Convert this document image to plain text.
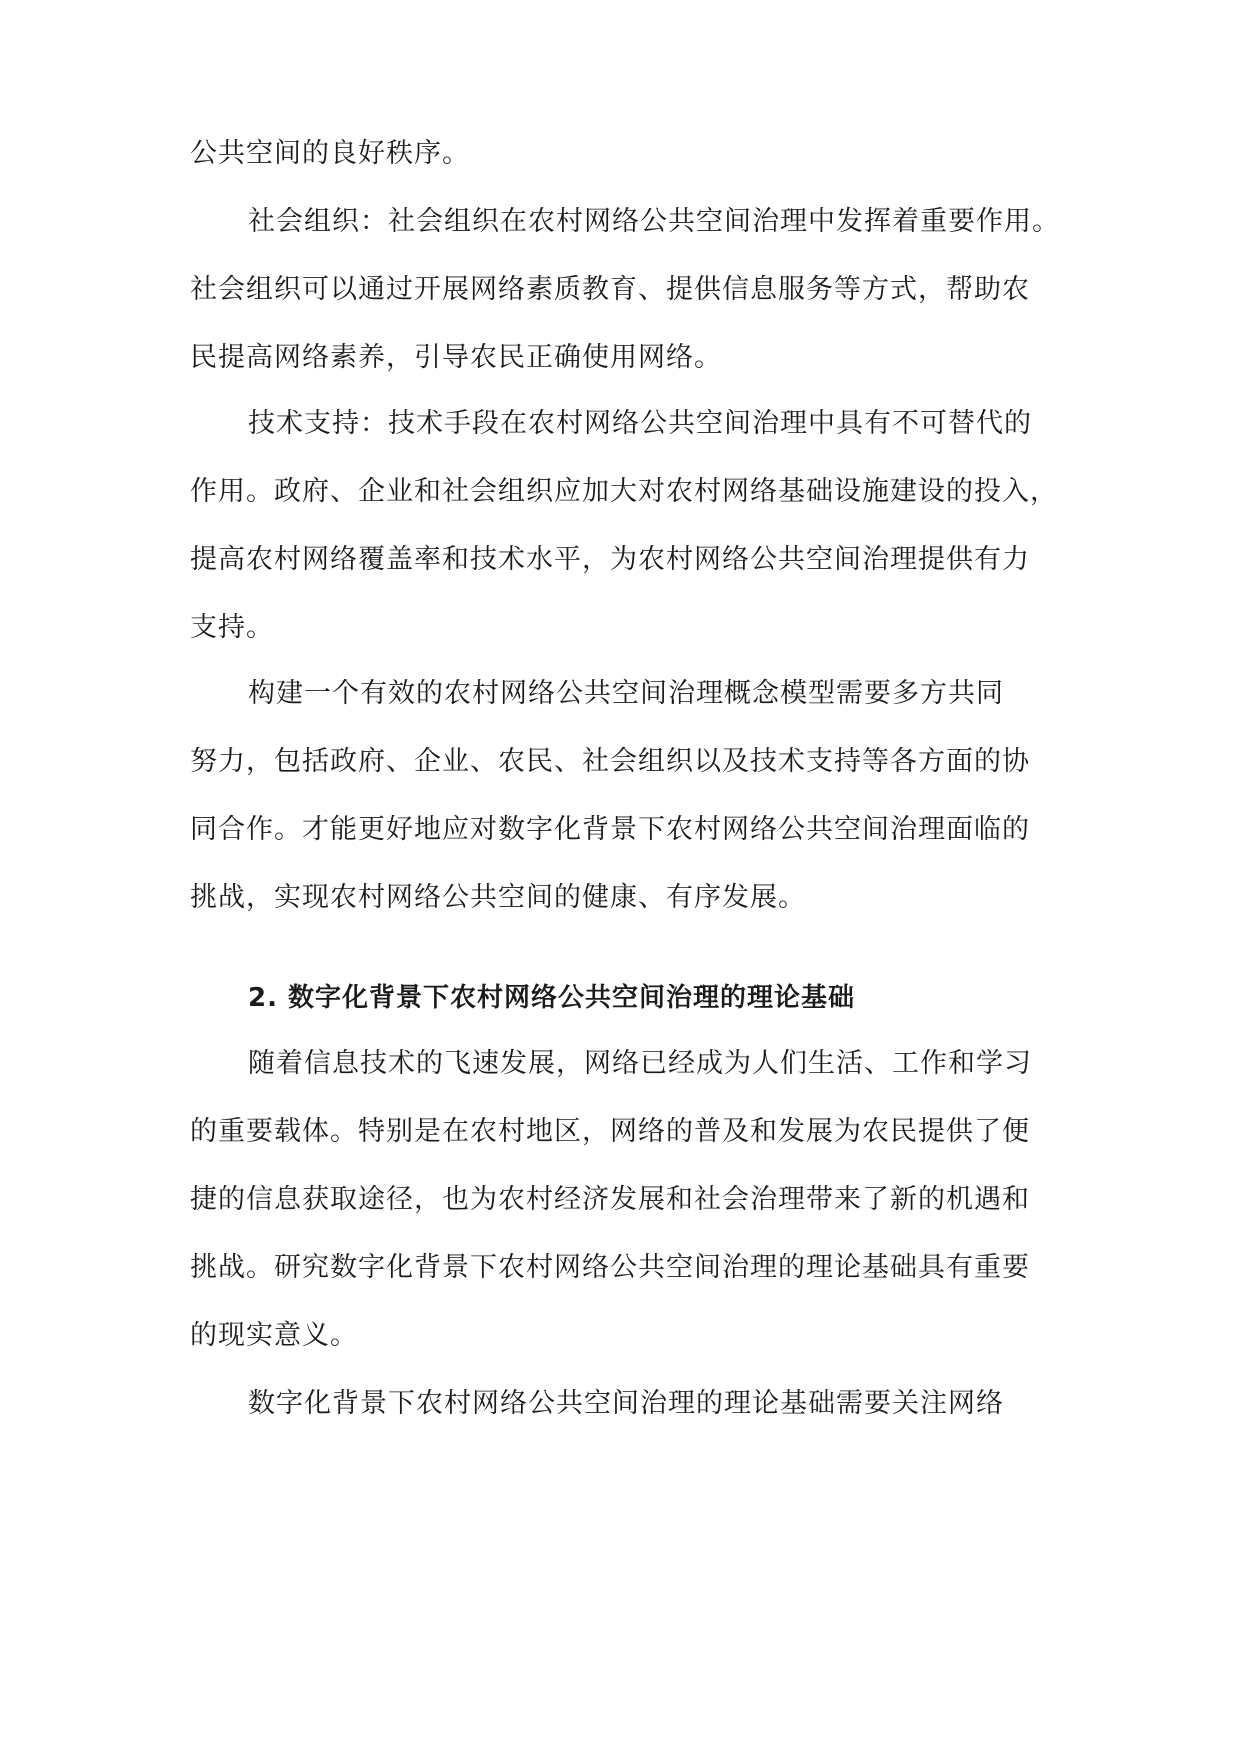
公共空间的良好秩序。
社会组织：社会组织在农村网络公共空间治理中发挥着重要作用。
社会组织可以通过开展网络素质教育、提供信息服务等方式，帮助农
民提高网络素养，引导农民正确使用网络。
技术支持：技术手段在农村网络公共空间治理中具有不可替代的
作用。政府、企业和社会组织应加大对农村网络基础设施建设的投入，
提高农村网络覆盖率和技术水平，为农村网络公共空间治理提供有力
支持。
构建一个有效的农村网络公共空间治理概念模型需要多方共同
努力，包括政府、企业、农民、社会组织以及技术支持等各方面的协
同合作。才能更好地应对数字化背景下农村网络公共空间治理面临的
挑战，实现农村网络公共空间的健康、有序发展。
2. 数字化背景下农村网络公共空间治理的理论基础
随着信息技术的飞速发展，网络已经成为人们生活、工作和学习
的重要载体。特别是在农村地区，网络的普及和发展为农民提供了便
捷的信息获取途径，也为农村经济发展和社会治理带来了新的机遇和
挑战。研究数字化背景下农村网络公共空间治理的理论基础具有重要
的现实意义。
数字化背景下农村网络公共空间治理的理论基础需要关注网络
